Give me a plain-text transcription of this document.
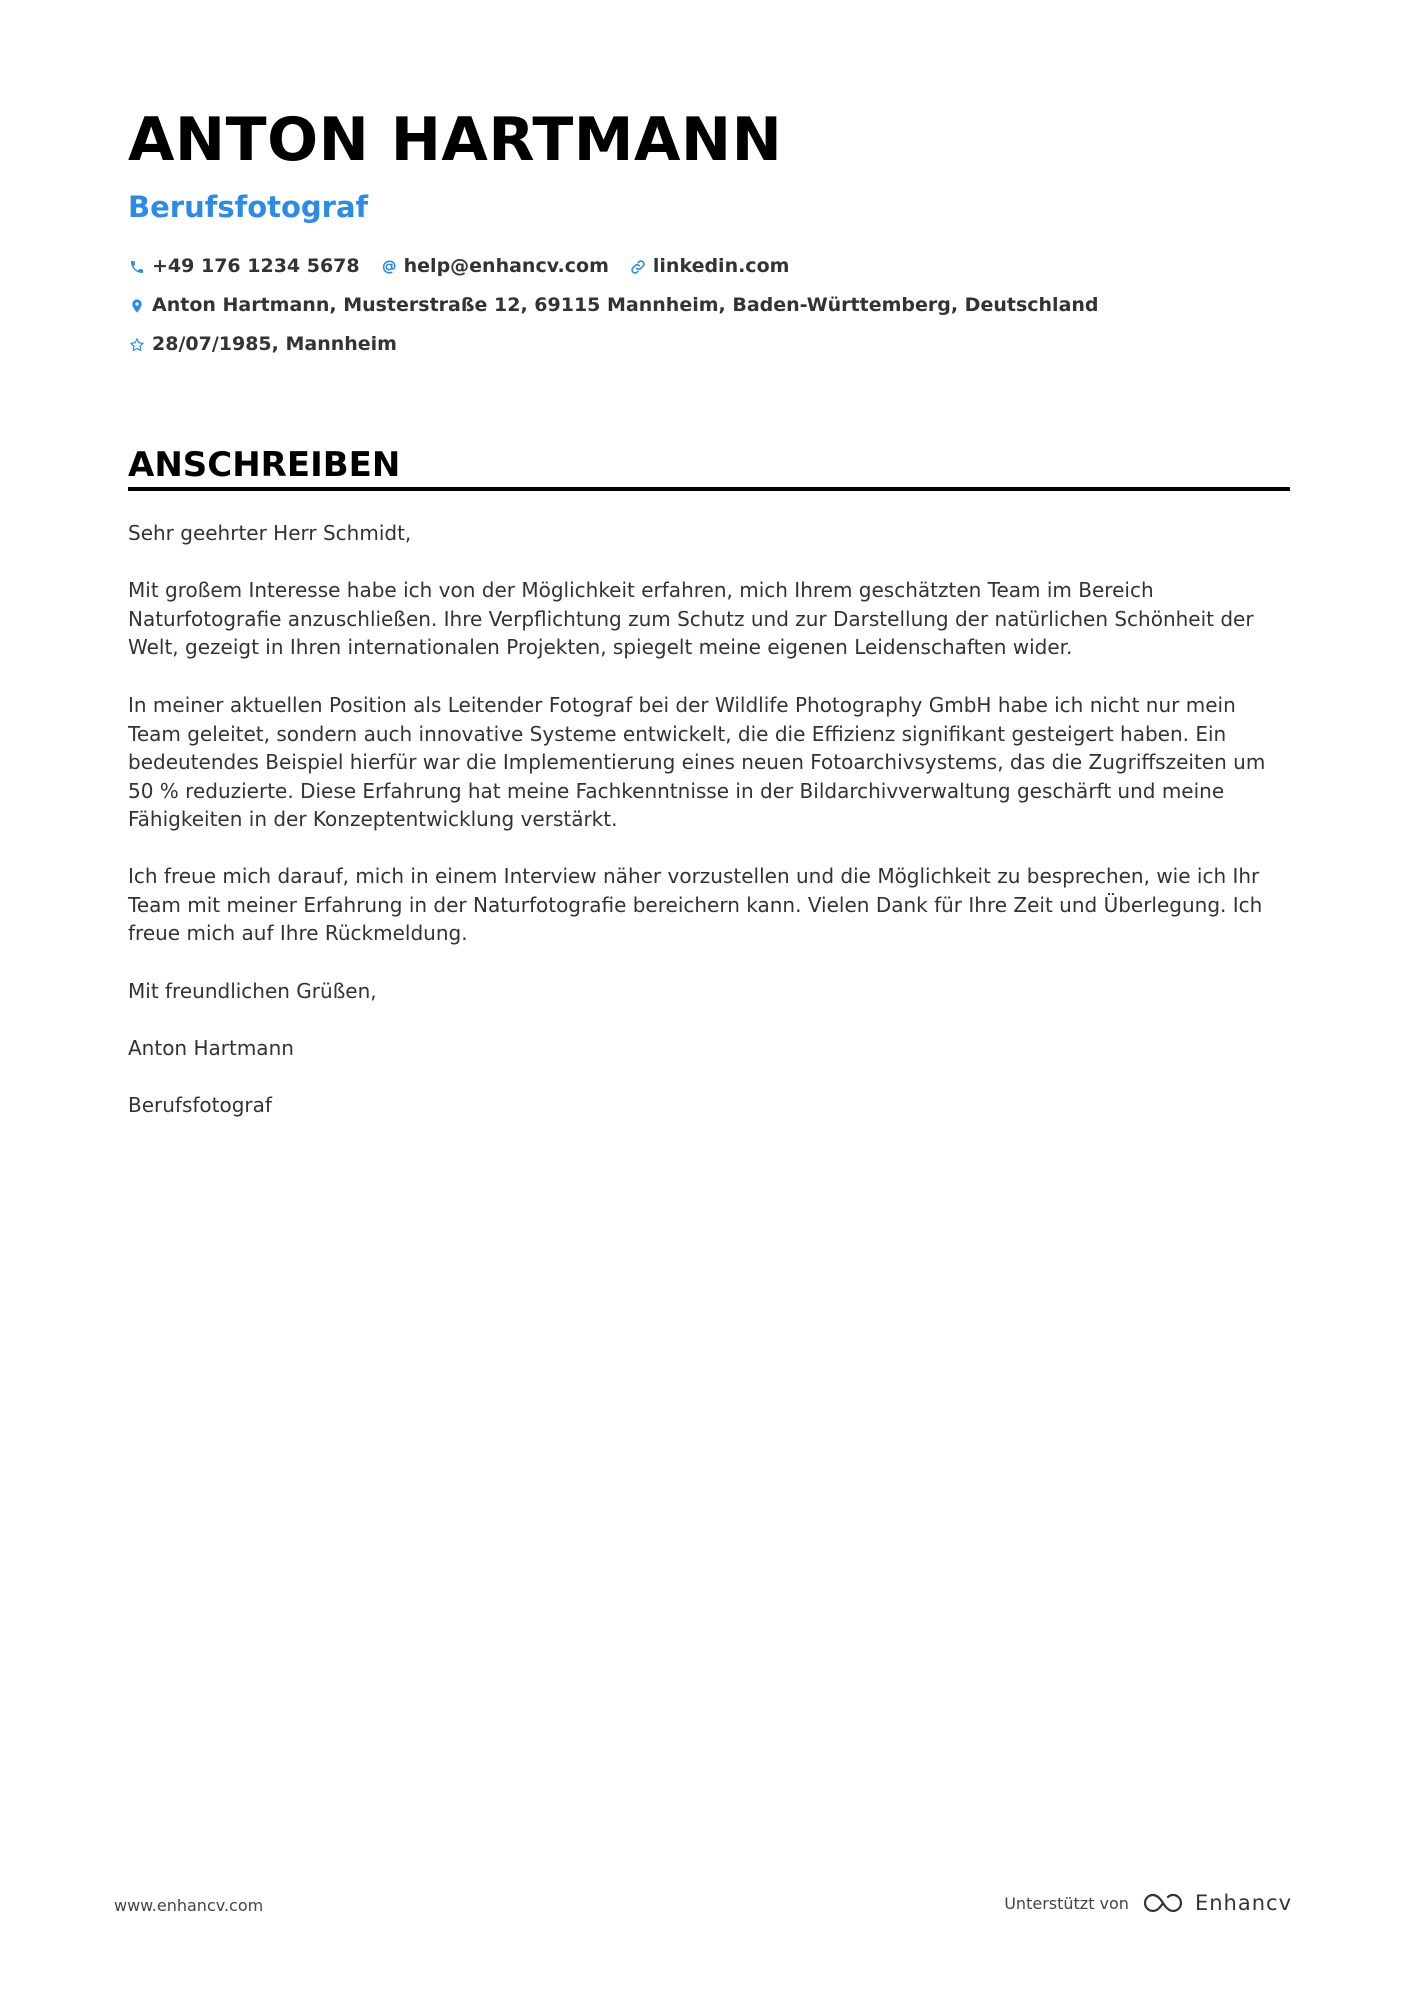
ANTON HARTMANN
Berufsfotograf
+49 176 1234 5678 help@enhancv.com linkedin.com
Anton Hartmann, Musterstraße 12, 69115 Mannheim, Baden-Württemberg, Deutschland
28/07/1985, Mannheim
ANSCHREIBEN

Sehr geehrter Herr Schmidt,

Mit großem Interesse habe ich von der Möglichkeit erfahren, mich Ihrem geschätzten Team im Bereich Naturfotografie anzuschließen. Ihre Verpflichtung zum Schutz und zur Darstellung der natürlichen Schönheit der Welt, gezeigt in Ihren internationalen Projekten, spiegelt meine eigenen Leidenschaften wider.

In meiner aktuellen Position als Leitender Fotograf bei der Wildlife Photography GmbH habe ich nicht nur mein Team geleitet, sondern auch innovative Systeme entwickelt, die die Effizienz signifikant gesteigert haben. Ein bedeutendes Beispiel hierfür war die Implementierung eines neuen Fotoarchivsystems, das die Zugriffszeiten um 50 % reduzierte. Diese Erfahrung hat meine Fachkenntnisse in der Bildarchivverwaltung geschärft und meine Fähigkeiten in der Konzeptentwicklung verstärkt.

Ich freue mich darauf, mich in einem Interview näher vorzustellen und die Möglichkeit zu besprechen, wie ich Ihr Team mit meiner Erfahrung in der Naturfotografie bereichern kann. Vielen Dank für Ihre Zeit und Überlegung. Ich freue mich auf Ihre Rückmeldung.

Mit freundlichen Grüßen,

Anton Hartmann

Berufsfotograf

www.enhancv.com	Unterstützt von	Enhancv
